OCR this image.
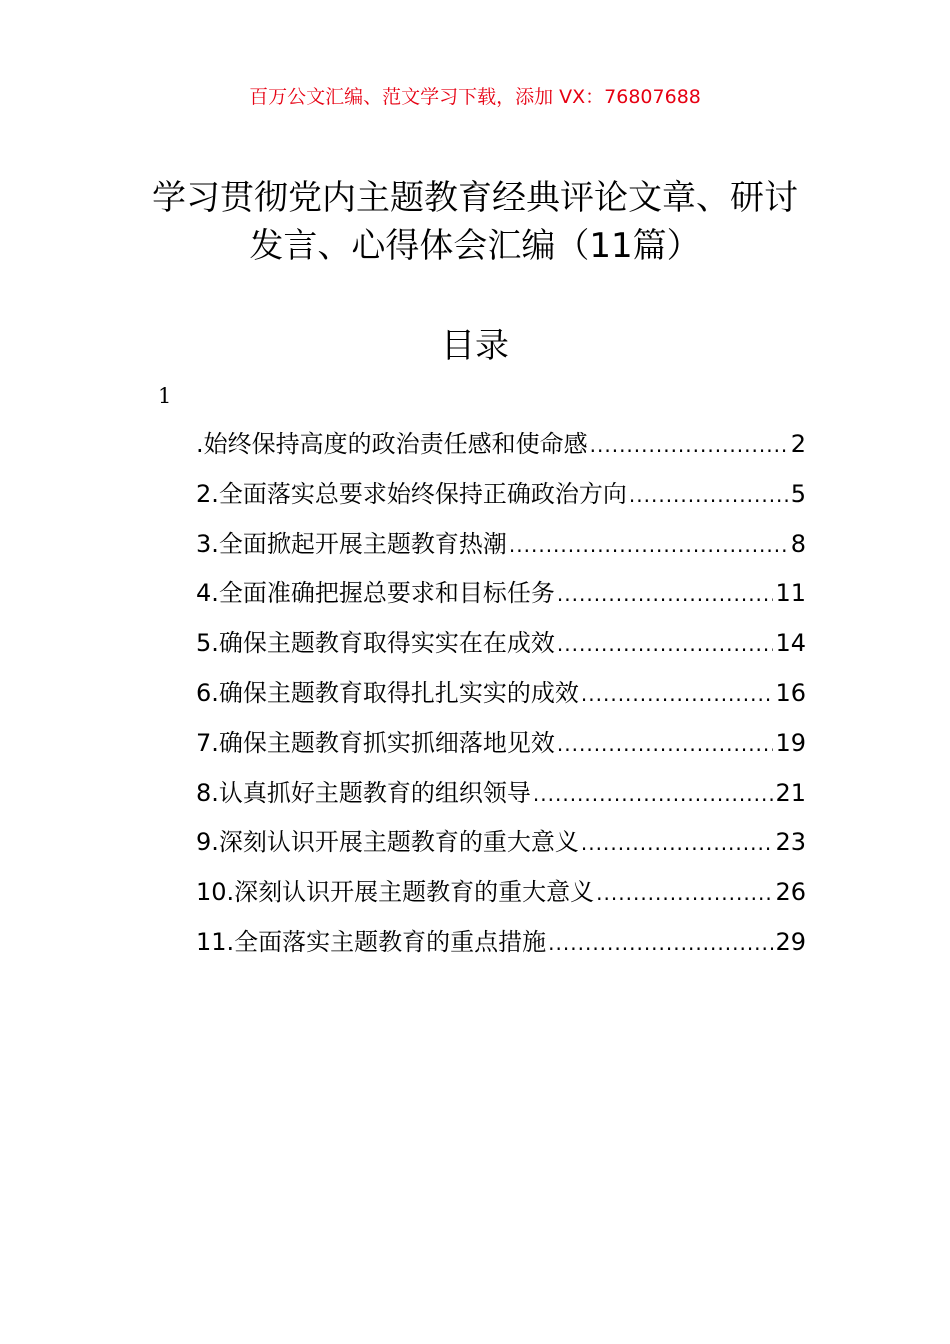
百万公文汇编、范文学习下载，添加 VX：76807688
学习贯彻党内主题教育经典评论文章、研讨发言、心得体会汇编（11篇）
目录
1
.始终保持高度的政治责任感和使命感 .....	2
2.全面落实总要求始终保持正确政治方向 .....	5
3.全面掀起开展主题教育热潮 .....	8
4.全面准确把握总要求和目标任务 .....	11
5.确保主题教育取得实实在在成效 .....	14
6.确保主题教育取得扎扎实实的成效 .....	16
7.确保主题教育抓实抓细落地见效 .....	19
8.认真抓好主题教育的组织领导 .....	21
9.深刻认识开展主题教育的重大意义 .....	23
10.深刻认识开展主题教育的重大意义 .....	26
11.全面落实主题教育的重点措施 .....	29
